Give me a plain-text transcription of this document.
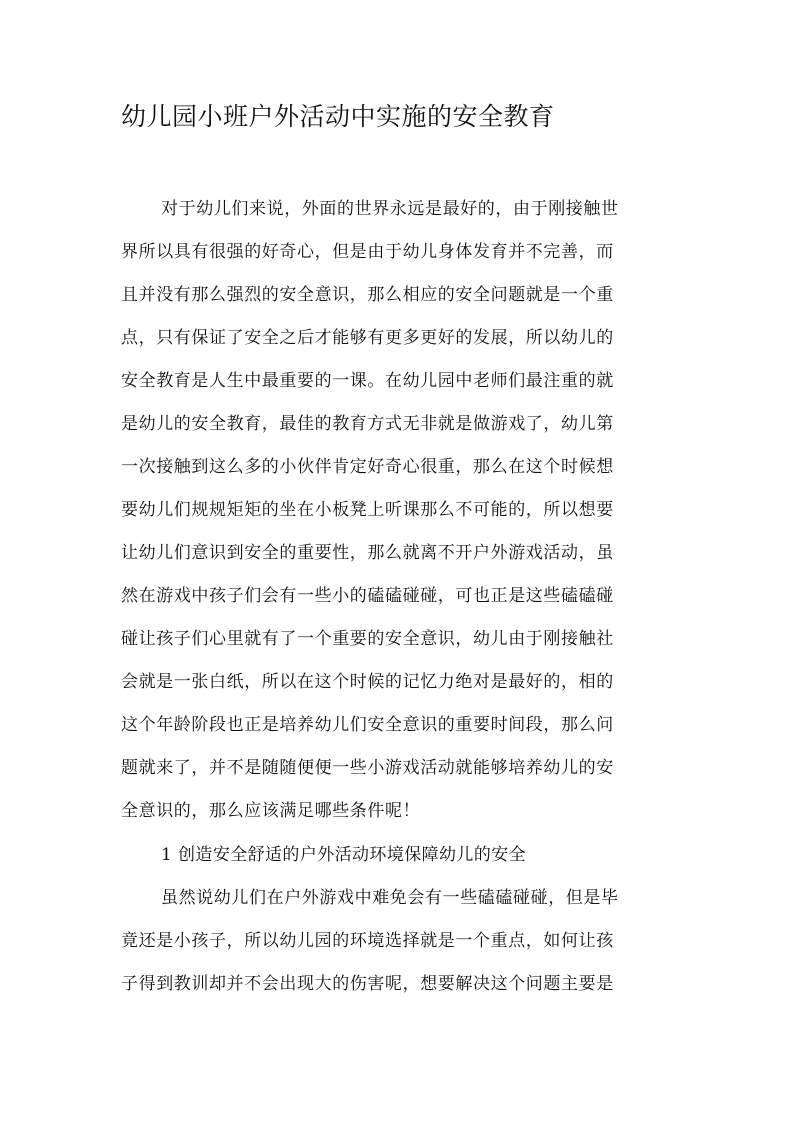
幼儿园小班户外活动中实施的安全教育

对于幼儿们来说，外面的世界永远是最好的，由于刚接触世

界所以具有很强的好奇心，但是由于幼儿身体发育并不完善，而

且并没有那么强烈的安全意识，那么相应的安全问题就是一个重

点，只有保证了安全之后才能够有更多更好的发展，所以幼儿的

安全教育是人生中最重要的一课。在幼儿园中老师们最注重的就

是幼儿的安全教育，最佳的教育方式无非就是做游戏了，幼儿第

一次接触到这么多的小伙伴肯定好奇心很重，那么在这个时候想

要幼儿们规规矩矩的坐在小板凳上听课那么不可能的，所以想要

让幼儿们意识到安全的重要性，那么就离不开户外游戏活动，虽

然在游戏中孩子们会有一些小的磕磕碰碰，可也正是这些磕磕碰

碰让孩子们心里就有了一个重要的安全意识，幼儿由于刚接触社

会就是一张白纸，所以在这个时候的记忆力绝对是最好的，相的

这个年龄阶段也正是培养幼儿们安全意识的重要时间段，那么问

题就来了，并不是随随便便一些小游戏活动就能够培养幼儿的安

全意识的，那么应该满足哪些条件呢！

1 创造安全舒适的户外活动环境保障幼儿的安全

虽然说幼儿们在户外游戏中难免会有一些磕磕碰碰，但是毕

竟还是小孩子，所以幼儿园的环境选择就是一个重点，如何让孩

子得到教训却并不会出现大的伤害呢，想要解决这个问题主要是
